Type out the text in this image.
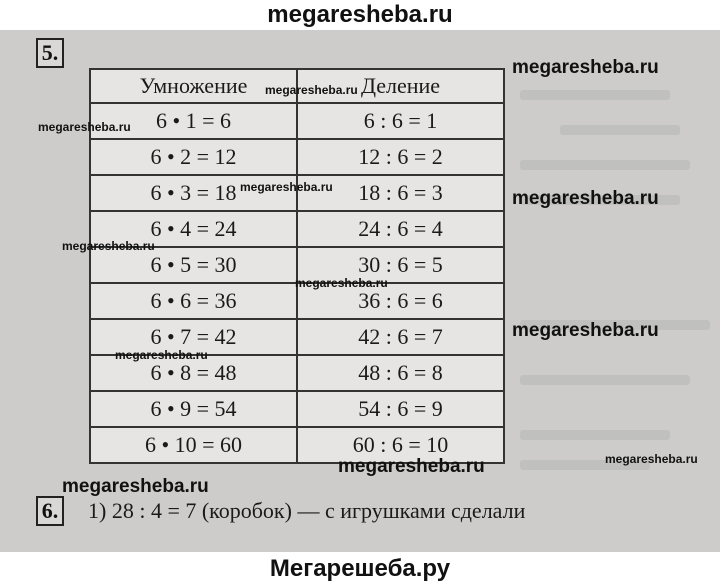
megaresheba.ru
5.
Умножение	Деление
6 • 1 = 6	6 : 6 = 1
6 • 2 = 12	12 : 6 = 2
6 • 3 = 18	18 : 6 = 3
6 • 4 = 24	24 : 6 = 4
6 • 5 = 30	30 : 6 = 5
6 • 6 = 36	36 : 6 = 6
6 • 7 = 42	42 : 6 = 7
6 • 8 = 48	48 : 6 = 8
6 • 9 = 54	54 : 6 = 9
6 • 10 = 60	60 : 6 = 10
6. 1) 28 : 4 = 7 (коробок) — с игрушками сделали
megaresheba.ru
megaresheba.ru
megaresheba.ru
megaresheba.ru
megaresheba.ru
megaresheba.ru
megaresheba.ru
megaresheba.ru
megaresheba.ru
megaresheba.ru
megaresheba.ru
megaresheba.ru
Мегарешеба.ру
